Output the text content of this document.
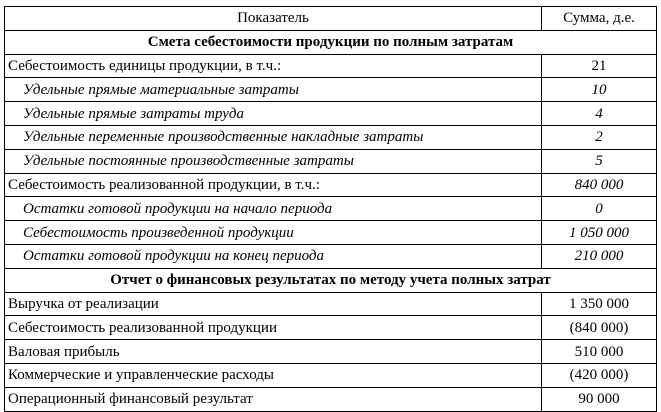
Показатель	Сумма, д.е.
Смета себестоимости продукции по полным затратам	
Себестоимость единицы продукции, в т.ч.:	21
Удельные прямые материальные затраты	10
Удельные прямые затраты труда	4
Удельные переменные производственные накладные затраты	2
Удельные постоянные производственные затраты	5
Себестоимость реализованной продукции, в т.ч.:	840 000
Остатки готовой продукции на начало периода	0
Себестоимость произведенной продукции	1 050 000
Остатки готовой продукции на конец периода	210 000
Отчет о финансовых результатах по методу учета полных затрат	
Выручка от реализации	1 350 000
Себестоимость реализованной продукции	(840 000)
Валовая прибыль	510 000
Коммерческие и управленческие расходы	(420 000)
Операционный финансовый результат	90 000
